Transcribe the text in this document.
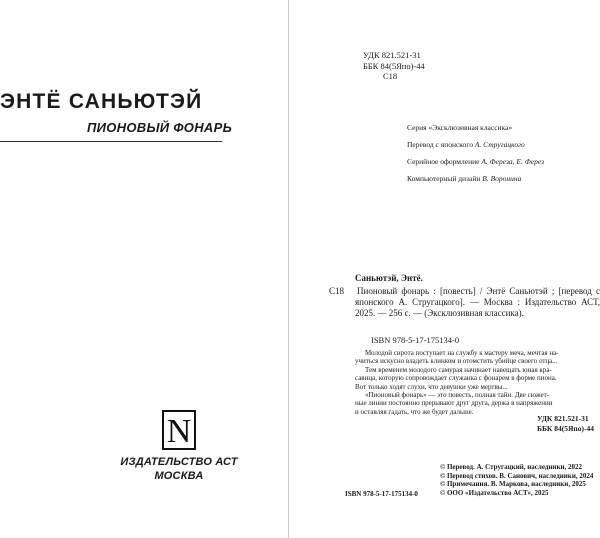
ЭНТЁ САНЬЮТЭЙ
ПИОНОВЫЙ ФОНАРЬ
N
ИЗДАТЕЛЬСТВО АСТ
МОСКВА
УДК 821.521-31
ББК 84(5Япо)-44
С18
Серия «Эксклюзивная классика»
Перевод с японского А. Стругацкого
Серийное оформление А. Фереза, Е. Ферез
Компьютерный дизайн В. Воронина
Саньютэй, Энтё.
С18 Пионовый фонарь : [повесть] / Энтё Саньютэй ; [перевод с японского А. Стругацкого]. — Москва : Издательство АСТ, 2025. — 256 с. — (Эксклюзивная классика).
ISBN 978-5-17-175134-0
Молодой сирота поступает на службу к мастеру меча, мечтая на-
учиться искусно владеть клинком и отомстить убийце своего отца...
Тем временем молодого самурая начинает навещать юная кра-
савица, которую сопровождает служанка с фонарем в форме пиона.
Вот только ходят слухи, что девушки уже мертвы...
«Пионовый фонарь» — это повесть, полная тайн. Две сюжет-
ные линии постоянно прерывают друг друга, держа в напряжении
и оставляя гадать, что же будет дальше.
УДК 821.521-31
ББК 84(5Япо)-44
© Перевод. А. Стругацкий, наследники, 2022
© Перевод стихов. В. Санович, наследники, 2024
© Примечания. В. Маркова, наследники, 2025
© ООО «Издательство АСТ», 2025
ISBN 978-5-17-175134-0
